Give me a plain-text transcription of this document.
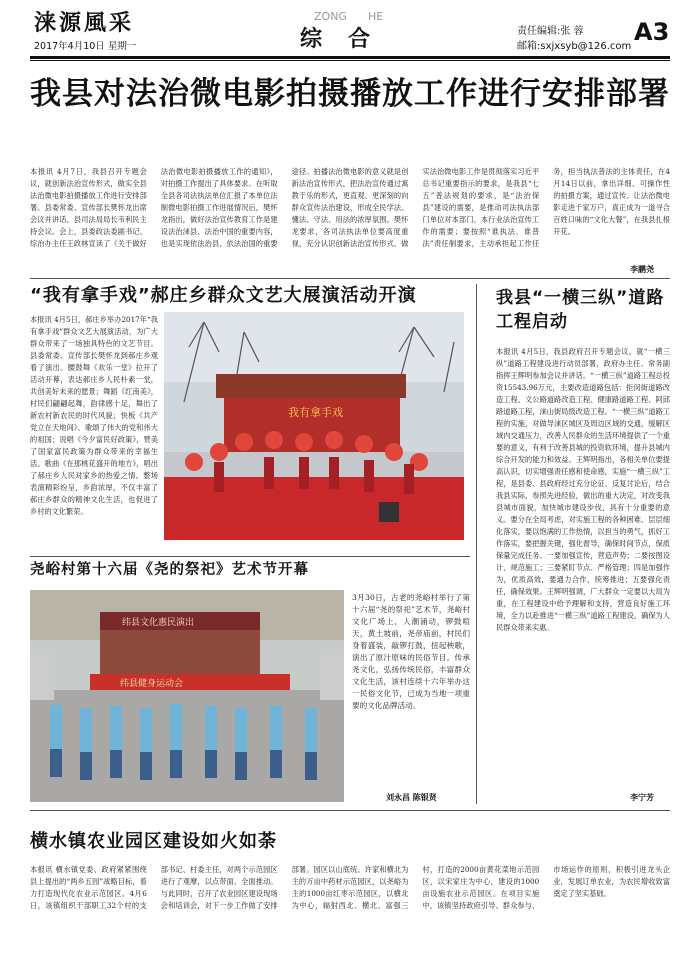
涞源風采
2017年4月10日 星期一
ZONG HE
综合	责任编辑:张 蓉
邮箱:sxjxsyb@126.com
A3
我县对法治微电影拍摄播放工作进行安排部署
本报讯 4月7日，我县召开专题会议，就创新法治宣传形式，做实全县法治微电影拍摄播放工作进行安排部署。县委常委、宣传部长樊怀龙出席会议并讲话。县司法局局长韦利民主持会议。会上，县委政法委副书记、综治办主任王政林宣读了《关于做好法治微电影拍摄播放工作的通知》，对拍摄工作提出了具体要求。在听取全县各司法执法单位汇报了本单位法制微电影拍摄工作进展情况后，樊怀龙指出，做好法治宣传教育工作是建设法治涞县、法治中国的重要内容，也是实现依法治县、依法治国的重要途径。拍播法治微电影的意义就是创新法治宣传形式，把法治宣传通过寓教于乐的形式，更直观、更深刻的向群众宣传法治建设，形成全民学法、懂法、守法、用法的浓厚氛围。樊怀龙要求，各司法执法单位要高度重视，充分认识创新法治宣传形式、做实法治微电影工作是贯彻落实习近平总书记重要指示的要求，是我县“七五”普法规划的要求，是“法治保县”建设的需要，是推动司法执法部门单位对本部门、本行业法治宣传工作的需要；要按照“谁执法、谁普法”责任制要求，主动承担起工作任务，担当执法普法的主体责任，在4月14日以前，拿出详细、可操作性的拍摄方案，通过宣传、让法治微电影走进千家万户，真正成为一道寻合百姓口味的“文化大餐”，在我县扎根开花。
李鹏尧
“我有拿手戏”郝庄乡群众文艺大展演活动开演
本报讯 4月5日，郝庄乡举办2017年“我有拿手戏”群众文艺大展演活动，为广大群众带来了一场独具特色的文艺节目。县委常委、宣传部长樊怀龙到郝庄乡观看了演出。腰鼓舞《欢乐一堂》拉开了活动开幕，表达郝庄乡人民朴素一堂，共创美好未来的愿景；舞蹈《红南美》，村民们翩翩起舞，韵律感十足，舞出了新农村新农民的时代风貌；快板《共产党立在天地间》、歌颂了伟大的党和伟大的祖国；说唱《今夕富民好政策》，赞美了国家富民政策为群众带来的幸福生活。歌曲《在那桃花盛开的地方》，唱出了郝庄乡人民对家乡的热爱之情。整场表演精彩纷呈，乡韵浓厚，不仅丰富了郝庄乡群众的精神文化生活，也促进了乡村的文化繁荣。
我有拿手戏
我县“一横三纵”道路工程启动
本报讯 4月5日，我县政府召开专题会议，就“一横三纵”道路工程建设进行动员部署，政府办主任、常务副指挥王辉明参加会议并讲话。“一横三纵”道路工程总投资15543.96万元，主要改造道路包括：拒闵街道路改造工程、文公路道路改造工程、健康路道路工程、阿邱路道路工程，涞山街局级改造工程。“一横三纵”道路工程的实施，对做导涞区城区及周边区域的交通，缓解区域内交通压力，改善人民群众的生活环境提供了一个重要的意义，有利于改善县城的投资软环境，提升县城内综合开发的能力和效益。王辉明指出，各相关单位要提高认识，切实增强责任感和使命感，实施“一横三纵”工程，是县委、县政府经过充分论证、反复讨论后，结合我县实际，参照先进经验，做出的重大决定，对改变我县城市面貌，加快城市建设步伐，具有十分重要的意义。要分在全局考虑，对实施工程的各种困难、层层细化落实，要以饱满的工作热情，以担当的勇气，抓好工作落实，要把握关键，强化督导，确保时间节点，保质保量完成任务。一要加强宣传，营造声势；二要按图设计、规范施工；三要紧盯节点、严格管理；四是加强作为，优质高效，要通力合作，统筹推进；五要强化责任，确保效果。王辉明强调，广大群众一定要以大局为重，在工程建设中给予理解和支持，营造良好施工环境，全力以赴推进“一横三纵”道路工程建设，确保为人民群众带来实惠。
李宁芳
尧峪村第十六届《尧的祭祀》艺术节开幕
纬县文化惠民演出
纬县健身运动会
3月30日，古老的尧峪村举行了第十六届“尧的祭祀”艺术节，尧峪村文化广场上，人潮涌动，锣鼓喧天，黄土坡前，尧帝庙前，村民们身着盛装，敲锣打鼓，扭起秧歌，演出了原汁原味的民俗节目。传承尧文化，弘扬传统民俗，丰富群众文化生活，该村连续十六年举办这一民俗文化节，已成为当地一项重要的文化品牌活动。
刘永昌 陈银贤
横水镇农业园区建设如火如荼
本报讯 横水镇党委、政府紧紧围绕县上提出的“两乡五园”战略目标，着力打造现代化农业示范园区。4月6日，该镇组织干部职工32个村的支部书记、村委主任，对两个示范园区进行了观摩，以点带面、全面推动。与此同时，召开了农业园区建设现场会和培训会，对下一步工作做了安排部署。园区以山底统、许家和横北为主的万亩中药材示范园区，以尧峪为主的1000亩红枣示范园区，以横北为中心，辐射西北、横北、富强三村，打造的2000亩黄花菜地示范园区，以宋家庄为中心，建设的1000亩设施农业示范园区。在项目实施中，该镇坚持政府引导、群众参与、市场运作的原则，积极引进龙头企业，发展订单农业，为农民增收致富奠定了坚实基础。
